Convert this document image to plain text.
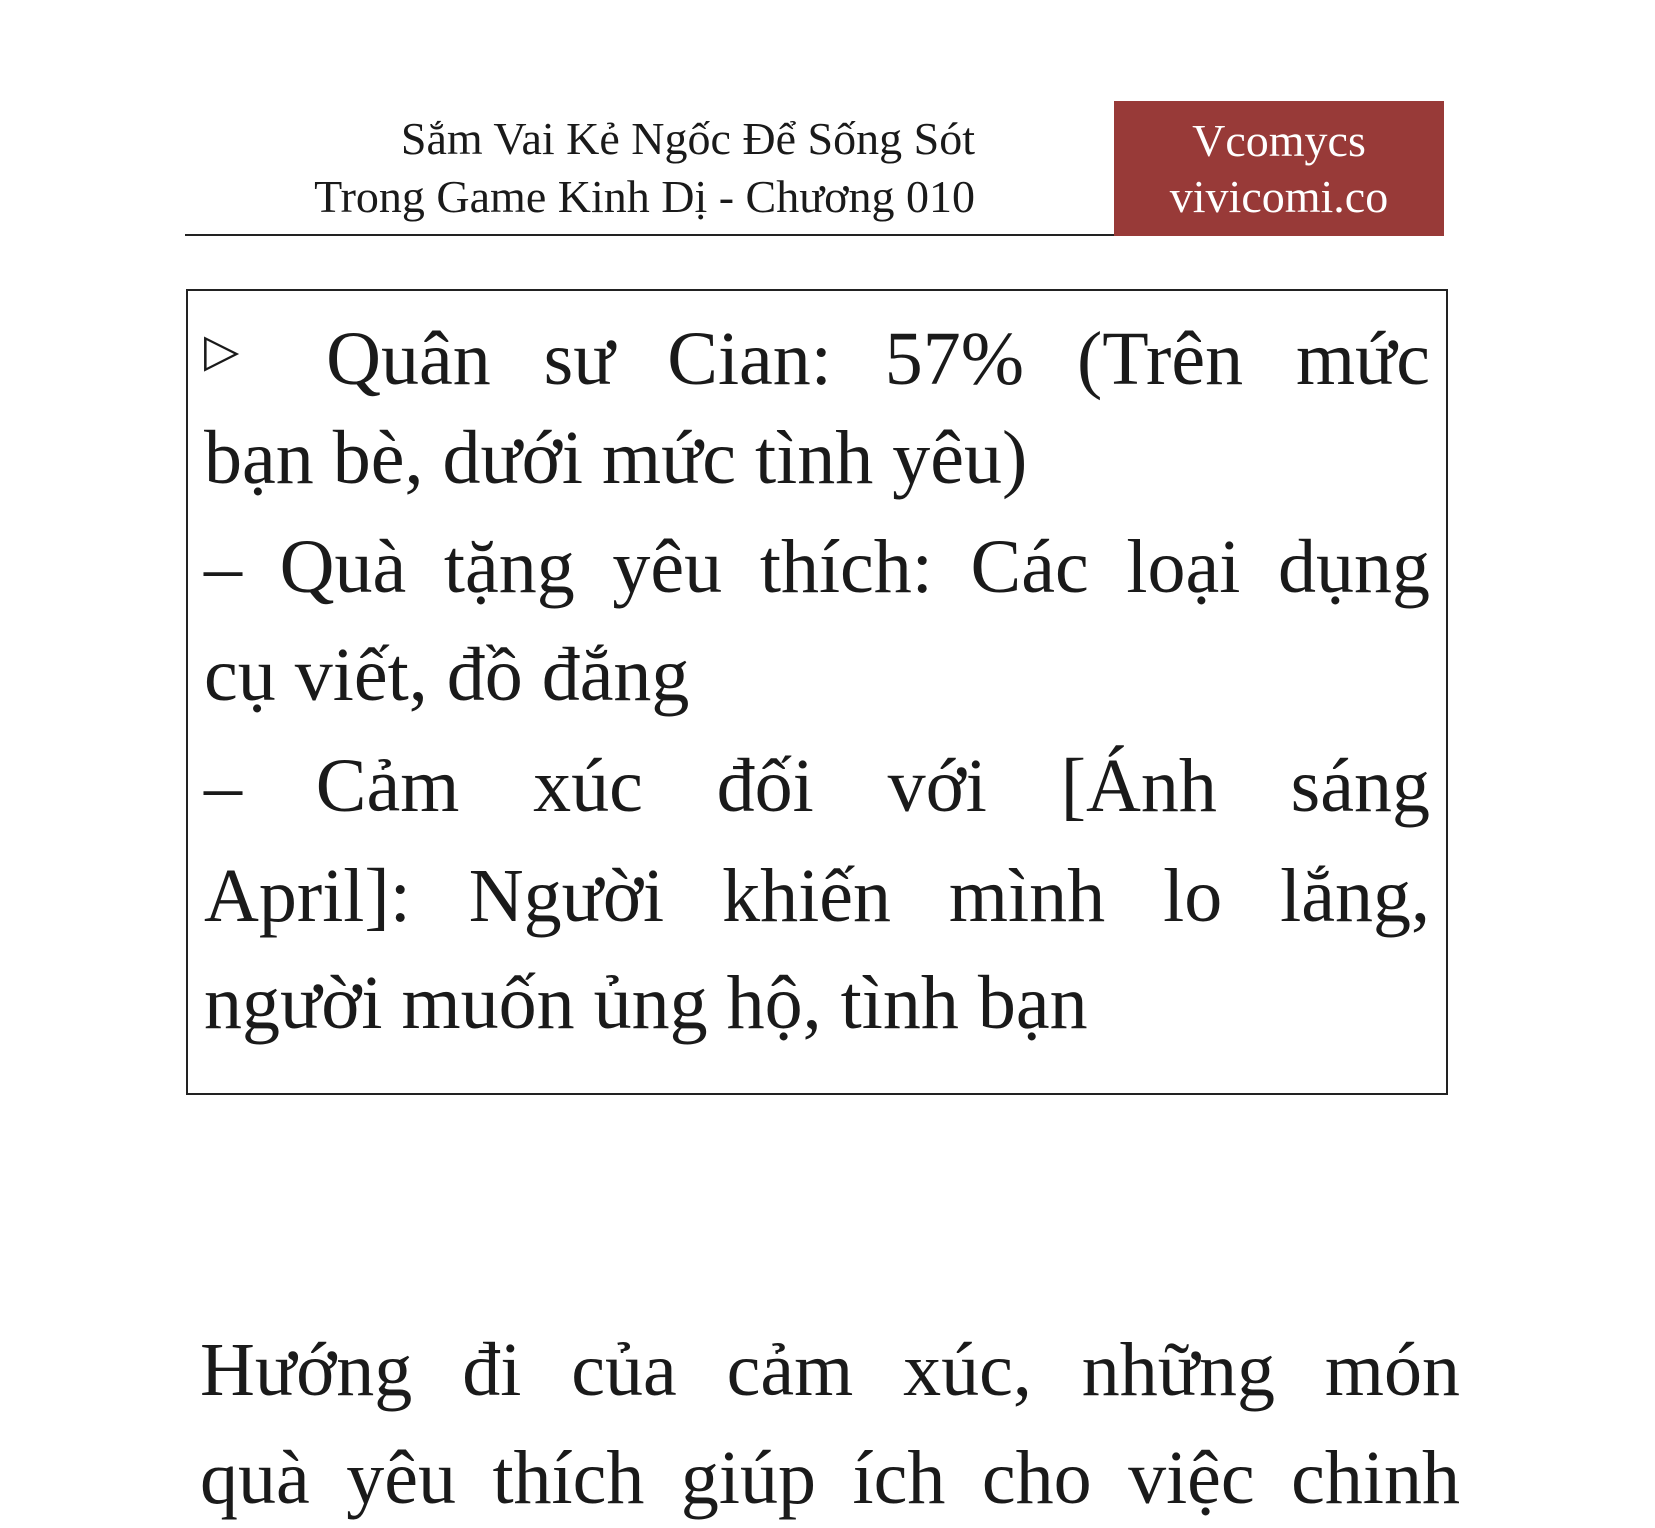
Sắm Vai Kẻ Ngốc Để Sống Sót
Trong Game Kinh Dị - Chương 010
Vcomycs
vivicomi.co
▷ Quân sư Cian: 57% (Trên mức
bạn bè, dưới mức tình yêu)
– Quà tặng yêu thích: Các loại dụng
cụ viết, đồ đắng
– Cảm xúc đối với [Ánh sáng
April]: Người khiến mình lo lắng,
người muốn ủng hộ, tình bạn
Hướng đi của cảm xúc, những món
quà yêu thích giúp ích cho việc chinh
